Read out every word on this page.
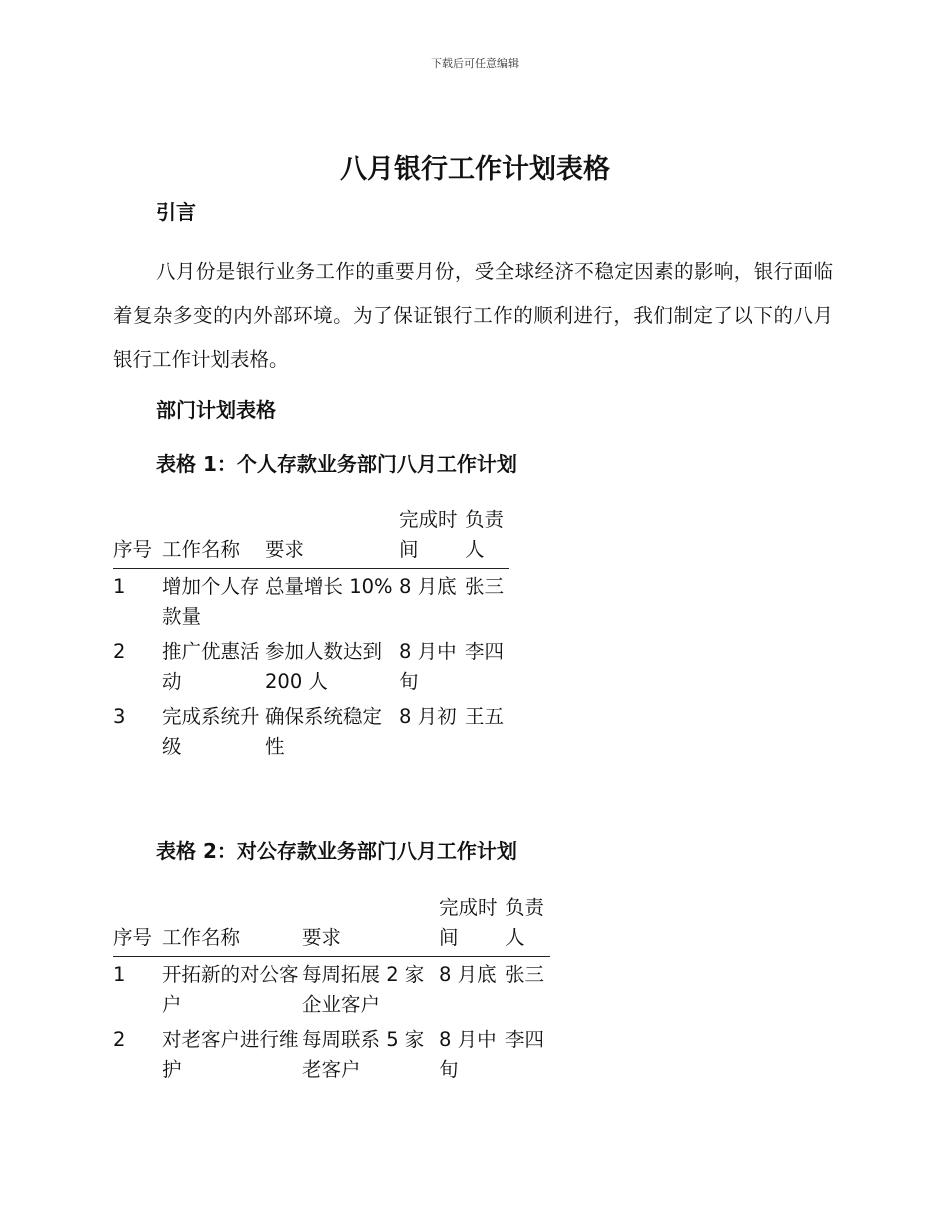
下载后可任意编辑
八月银行工作计划表格
引言

八月份是银行业务工作的重要月份，受全球经济不稳定因素的影响，银行面临着复杂多变的内外部环境。为了保证银行工作的顺利进行，我们制定了以下的八月银行工作计划表格。

部门计划表格
表格 1：个人存款业务部门八月工作计划
序号	工作名称	要求	完成时间	负责人
1	增加个人存款量	总量增长 10%	8 月底	张三
2	推广优惠活动	参加人数达到 200 人	8 月中旬	李四
3	完成系统升级	确保系统稳定性	8 月初	王五
表格 2：对公存款业务部门八月工作计划
序号	工作名称	要求	完成时间	负责人
1	开拓新的对公客户	每周拓展 2 家企业客户	8 月底	张三
2	对老客户进行维护	每周联系 5 家老客户	8 月中旬	李四
